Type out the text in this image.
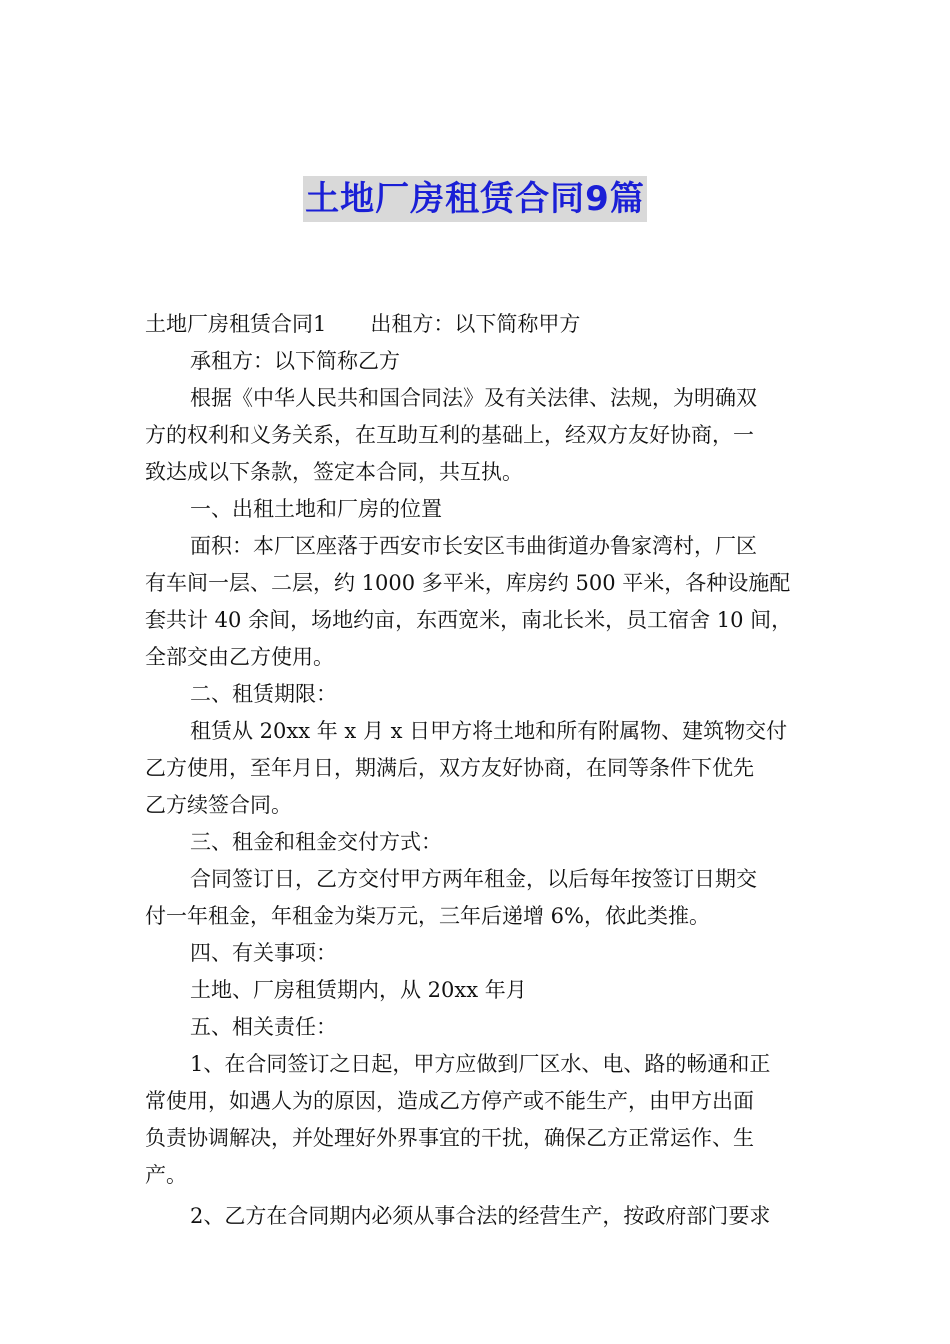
土地厂房租赁合同9篇
土地厂房租赁合同1 出租方：以下简称甲方
承租方：以下简称乙方
根据《中华人民共和国合同法》及有关法律、法规，为明确双
方的权利和义务关系，在互助互利的基础上，经双方友好协商，一
致达成以下条款，签定本合同，共互执。
一、出租土地和厂房的位置
面积：本厂区座落于西安市长安区韦曲街道办鲁家湾村，厂区
有车间一层、二层，约 1000 多平米，库房约 500 平米，各种设施配
套共计 40 余间，场地约亩，东西宽米，南北长米，员工宿舍 10 间，
全部交由乙方使用。
二、租赁期限：
租赁从 20xx 年 x 月 x 日甲方将土地和所有附属物、建筑物交付
乙方使用，至年月日，期满后，双方友好协商，在同等条件下优先
乙方续签合同。
三、租金和租金交付方式：
合同签订日，乙方交付甲方两年租金，以后每年按签订日期交
付一年租金，年租金为柒万元，三年后递增 6%，依此类推。
四、有关事项：
土地、厂房租赁期内，从 20xx 年月
五、相关责任：
1、在合同签订之日起，甲方应做到厂区水、电、路的畅通和正
常使用，如遇人为的原因，造成乙方停产或不能生产，由甲方出面
负责协调解决，并处理好外界事宜的干扰，确保乙方正常运作、生
产。
2、乙方在合同期内必须从事合法的经营生产，按政府部门要求
